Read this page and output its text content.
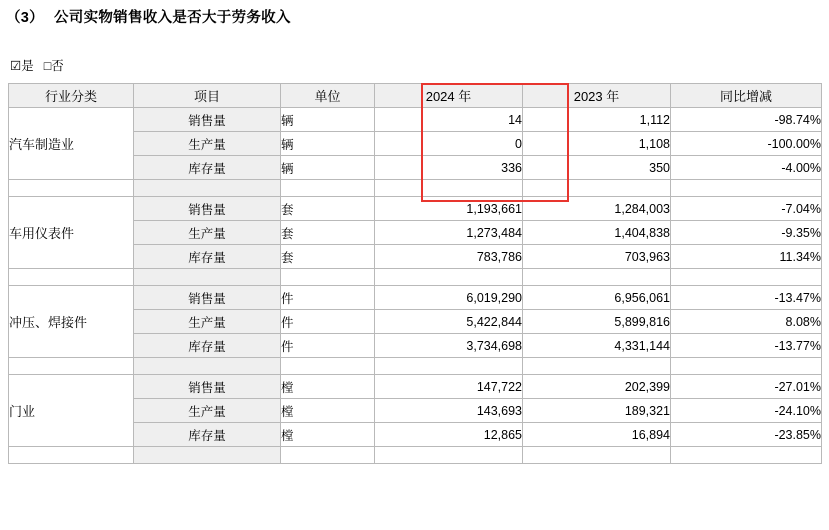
（3） 公司实物销售收入是否大于劳务收入
☑是 □否
行业分类	项目	单位	2024 年	2023 年	同比增减
汽车制造业	销售量	辆	14	1,112	-98.74%
	生产量	辆	0	1,108	-100.00%
	库存量	辆	336	350	-4.00%

车用仪表件	销售量	套	1,193,661	1,284,003	-7.04%
	生产量	套	1,273,484	1,404,838	-9.35%
	库存量	套	783,786	703,963	11.34%

冲压、焊接件	销售量	件	6,019,290	6,956,061	-13.47%
	生产量	件	5,422,844	5,899,816	8.08%
	库存量	件	3,734,698	4,331,144	-13.77%

门业	销售量	樘	147,722	202,399	-27.01%
	生产量	樘	143,693	189,321	-24.10%
	库存量	樘	12,865	16,894	-23.85%
